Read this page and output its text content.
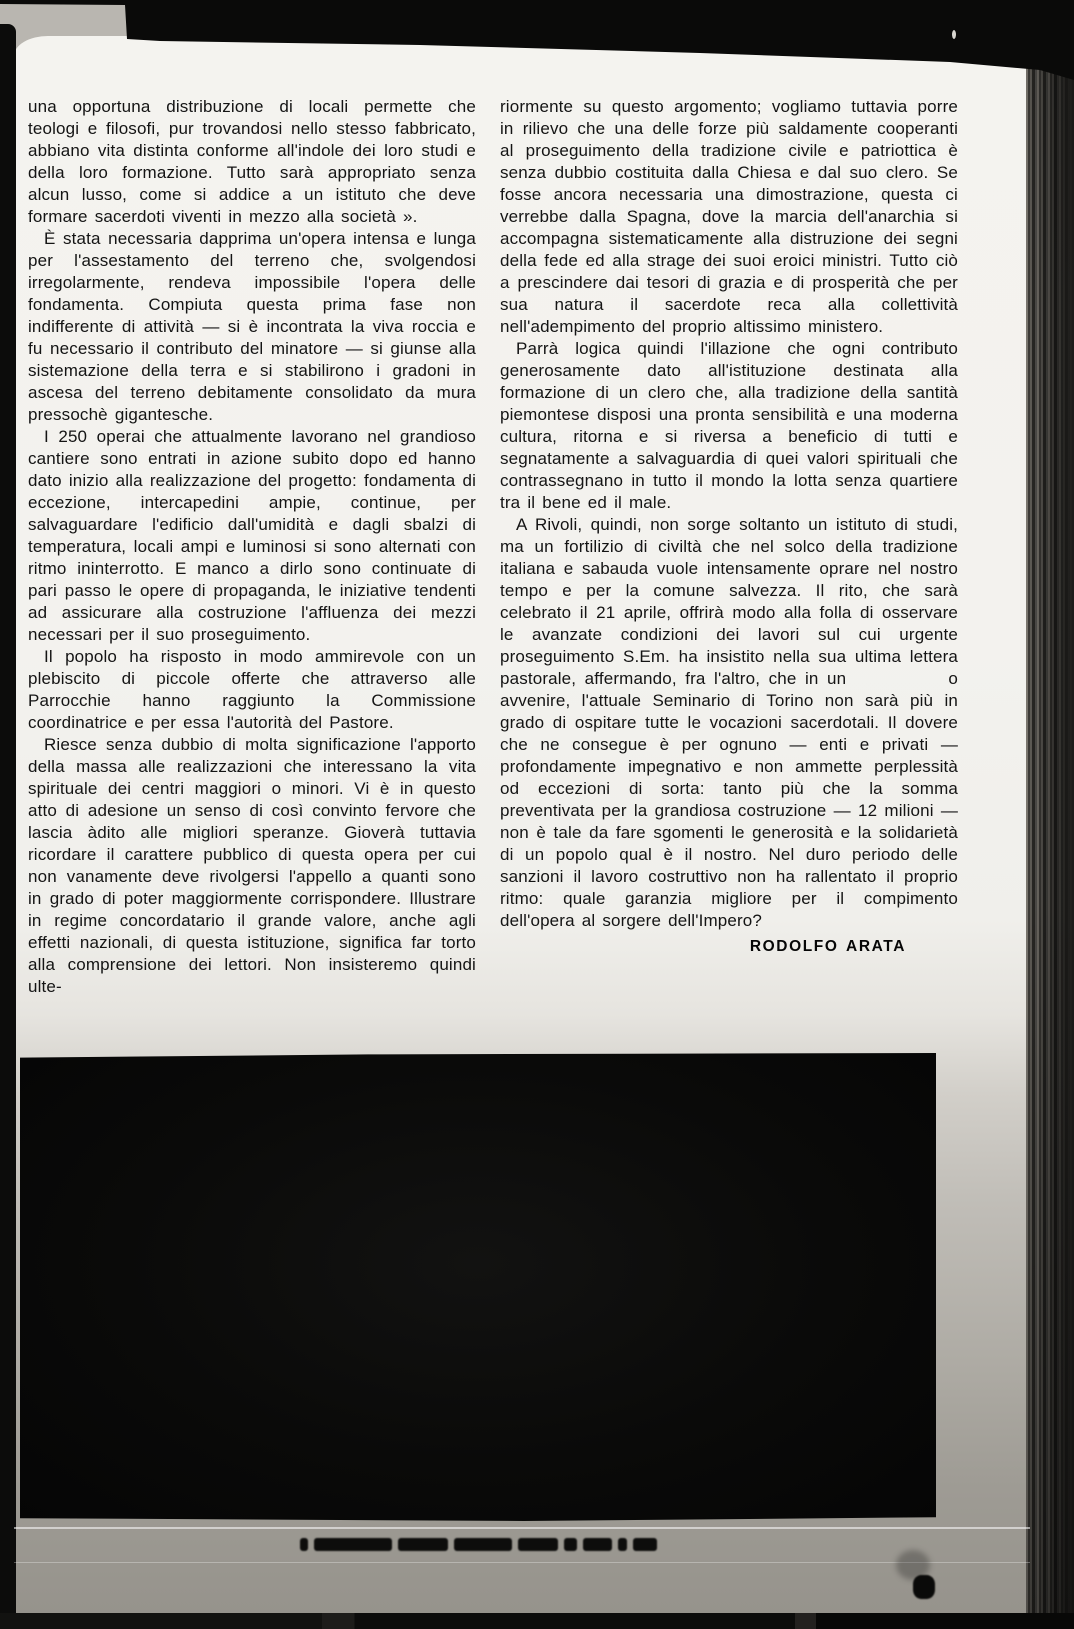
una opportuna distribuzione di locali permette che teologi e filosofi, pur trovandosi nello stesso fabbricato, abbiano vita distinta conforme all'indole dei loro studi e della loro formazione. Tutto sarà appropriato senza alcun lusso, come si addice a un istituto che deve formare sacerdoti viventi in mezzo alla società ».

È stata necessaria dapprima un'opera intensa e lunga per l'assestamento del terreno che, svolgendosi irregolarmente, rendeva impossibile l'opera delle fondamenta. Compiuta questa prima fase non indifferente di attività — si è incontrata la viva roccia e fu necessario il contributo del minatore — si giunse alla sistemazione della terra e si stabilirono i gradoni in ascesa del terreno debitamente consolidato da mura pressochè gigantesche.

I 250 operai che attualmente lavorano nel grandioso cantiere sono entrati in azione subito dopo ed hanno dato inizio alla realizzazione del progetto: fondamenta di eccezione, intercapedini ampie, continue, per salvaguardare l'edificio dall'umidità e dagli sbalzi di temperatura, locali ampi e luminosi si sono alternati con ritmo ininterrotto. E manco a dirlo sono continuate di pari passo le opere di propaganda, le iniziative tendenti ad assicurare alla costruzione l'affluenza dei mezzi necessari per il suo proseguimento.

Il popolo ha risposto in modo ammirevole con un plebiscito di piccole offerte che attraverso alle Parrocchie hanno raggiunto la Commissione coordinatrice e per essa l'autorità del Pastore.

Riesce senza dubbio di molta significazione l'apporto della massa alle realizzazioni che interessano la vita spirituale dei centri maggiori o minori. Vi è in questo atto di adesione un senso di così convinto fervore che lascia àdito alle migliori speranze. Gioverà tuttavia ricordare il carattere pubblico di questa opera per cui non vanamente deve rivolgersi l'appello a quanti sono in grado di poter maggiormente corrispondere. Illustrare in regime concordatario il grande valore, anche agli effetti nazionali, di questa istituzione, significa far torto alla comprensione dei lettori. Non insisteremo quindi ulte-

riormente su questo argomento; vogliamo tuttavia porre in rilievo che una delle forze più saldamente cooperanti al proseguimento della tradizione civile e patriottica è senza dubbio costituita dalla Chiesa e dal suo clero. Se fosse ancora necessaria una dimostrazione, questa ci verrebbe dalla Spagna, dove la marcia dell'anarchia si accompagna sistematicamente alla distruzione dei segni della fede ed alla strage dei suoi eroici ministri. Tutto ciò a prescindere dai tesori di grazia e di prosperità che per sua natura il sacerdote reca alla collettività nell'adempimento del proprio altissimo ministero.

Parrà logica quindi l'illazione che ogni contributo generosamente dato all'istituzione destinata alla formazione di un clero che, alla tradizione della santità piemontese disposi una pronta sensibilità e una moderna cultura, ritorna e si riversa a beneficio di tutti e segnatamente a salvaguardia di quei valori spirituali che contrassegnano in tutto il mondo la lotta senza quartiere tra il bene ed il male.

A Rivoli, quindi, non sorge soltanto un istituto di studi, ma un fortilizio di civiltà che nel solco della tradizione italiana e sabauda vuole intensamente oprare nel nostro tempo e per la comune salvezza. Il rito, che sarà celebrato il 21 aprile, offrirà modo alla folla di osservare le avanzate condizioni dei lavori sul cui urgente proseguimento S.Em. ha insistito nella sua ultima lettera pastorale, affermando, fra l'altro, che in un            o avvenire, l'attuale Seminario di Torino non sarà più in grado di ospitare tutte le vocazioni sacerdotali. Il dovere che ne consegue è per ognuno — enti e privati — profondamente impegnativo e non ammette perplessità od eccezioni di sorta: tanto più che la somma preventivata per la grandiosa costruzione — 12 milioni — non è tale da fare sgomenti le generosità e la solidarietà di un popolo qual è il nostro. Nel duro periodo delle sanzioni il lavoro costruttivo non ha rallentato il proprio ritmo: quale garanzia migliore per il compimento dell'opera al sorgere dell'Impero?

RODOLFO ARATA
